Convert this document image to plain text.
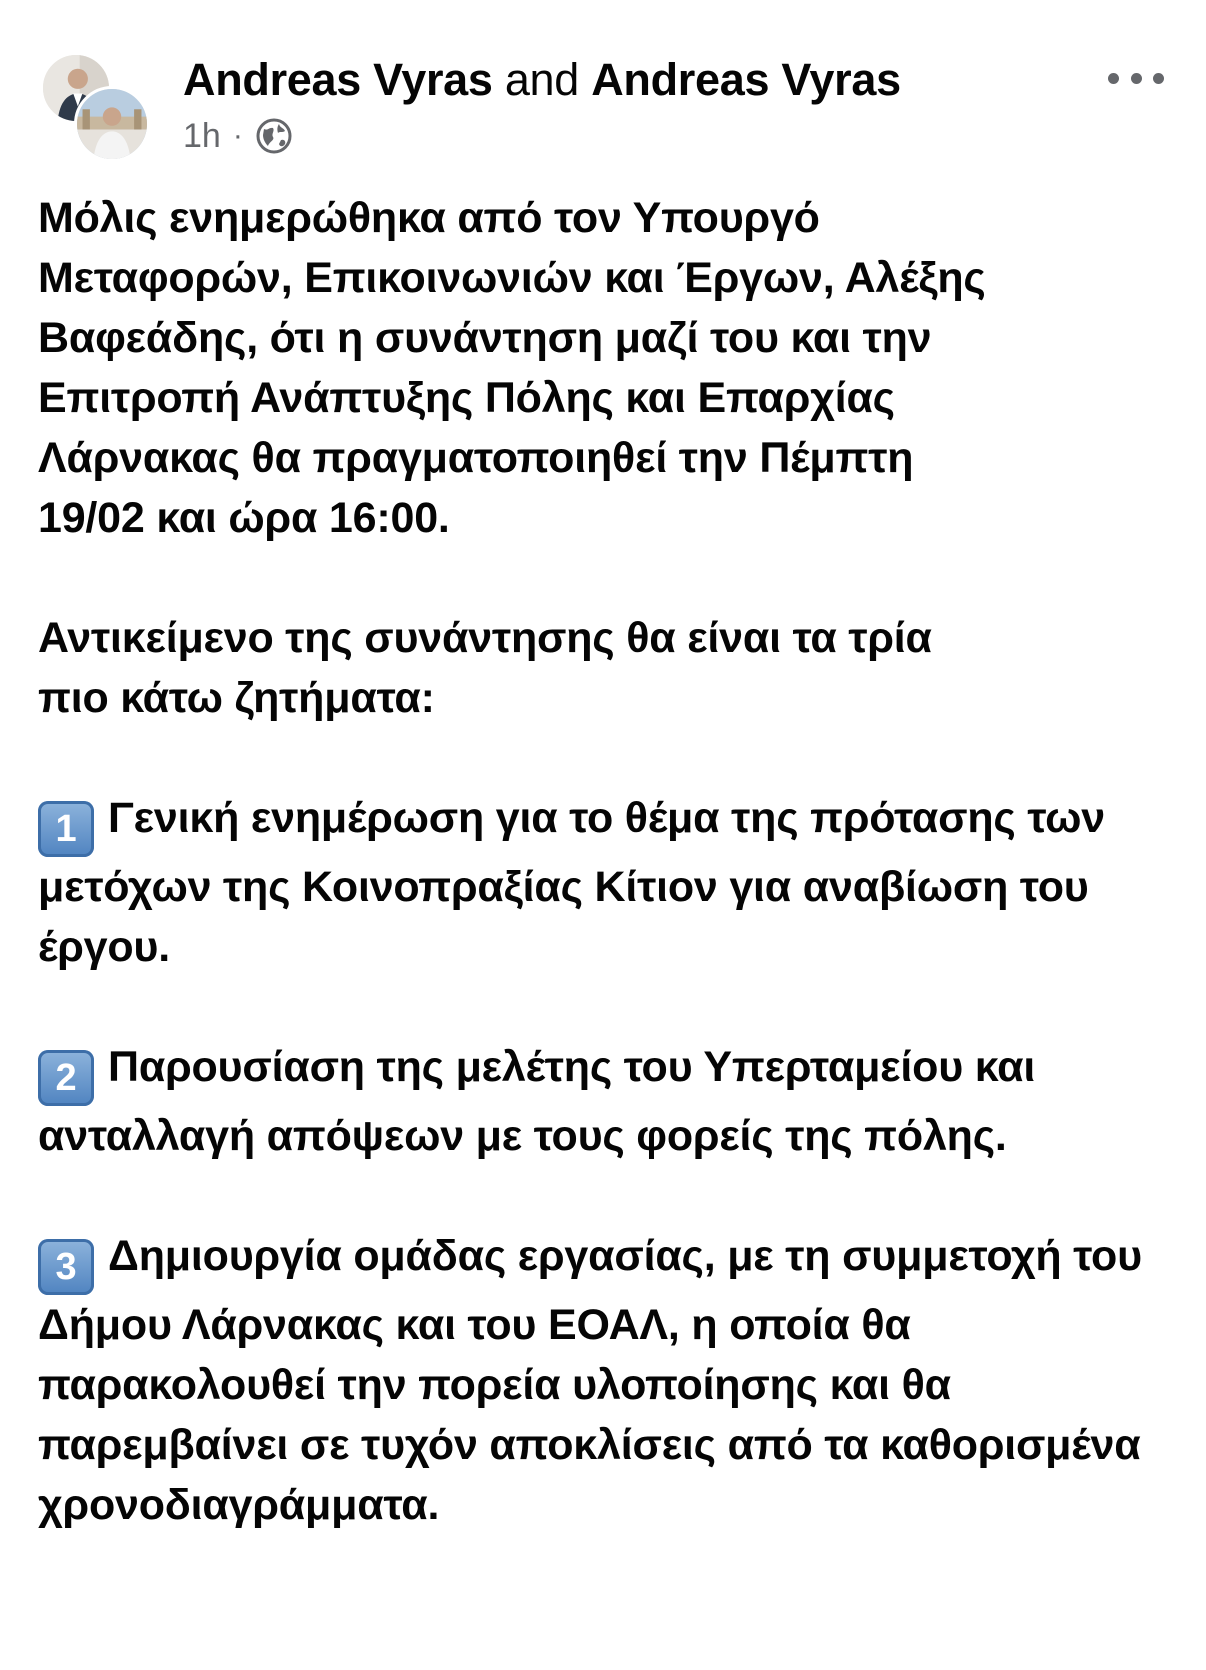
Andreas Vyras and Andreas Vyras
1h ·

Μόλις ενημερώθηκα από τον Υπουργό
Μεταφορών, Επικοινωνιών και Έργων, Αλέξης
Βαφεάδης, ότι η συνάντηση μαζί του και την
Επιτροπή Ανάπτυξης Πόλης και Επαρχίας
Λάρνακας θα πραγματοποιηθεί την Πέμπτη
19/02 και ώρα 16:00.

Αντικείμενο της συνάντησης θα είναι τα τρία
πιο κάτω ζητήματα:

1 Γενική ενημέρωση για το θέμα της πρότασης των μετόχων της Κοινοπραξίας Κίτιον για αναβίωση του έργου.

2 Παρουσίαση της μελέτης του Υπερταμείου και ανταλλαγή απόψεων με τους φορείς της πόλης.

3 Δημιουργία ομάδας εργασίας, με τη συμμετοχή του Δήμου Λάρνακας και του ΕΟΑΛ, η οποία θα παρακολουθεί την πορεία υλοποίησης και θα παρεμβαίνει σε τυχόν αποκλίσεις από τα καθορισμένα χρονοδιαγράμματα.
